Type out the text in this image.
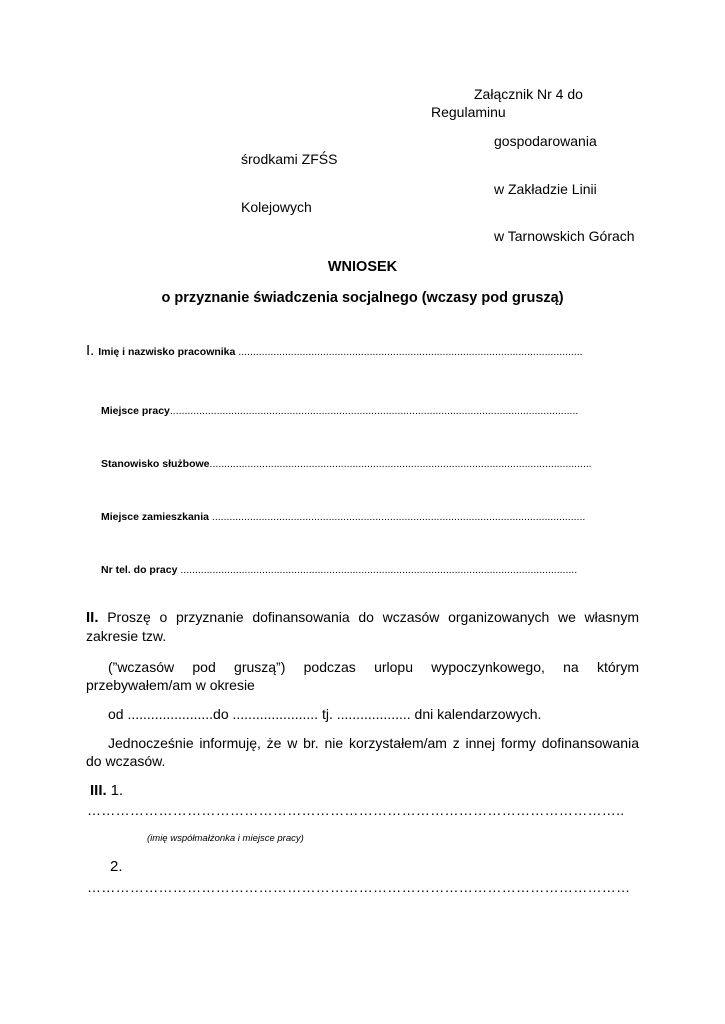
Załącznik Nr 4 do
Regulaminu
gospodarowania
środkami ZFŚS
w Zakładzie Linii
Kolejowych
w Tarnowskich Górach
WNIOSEK
o przyznanie świadczenia socjalnego (wczasy pod gruszą)
I. Imię i nazwisko pracownika ......................................................................................................................
Miejsce pracy............................................................................................................................................
Stanowisko służbowe...................................................................................................................................
Miejsce zamieszkania ................................................................................................................................
Nr tel. do pracy ........................................................................................................................................
II. Proszę o przyznanie dofinansowania do wczasów organizowanych we własnym zakresie tzw.
(”wczasów pod gruszą”) podczas urlopu wypoczynkowego, na którym przebywałem/am w okresie
od ......................do ...................... tj. ................... dni kalendarzowych.
Jednocześnie informuję, że w br. nie korzystałem/am z innej formy dofinansowania do wczasów.
III. 1.
…………………………………………………………………………………………………..
(imię współmałżonka i miejsce pracy)
2.
……………………………………………………………………………………………………
